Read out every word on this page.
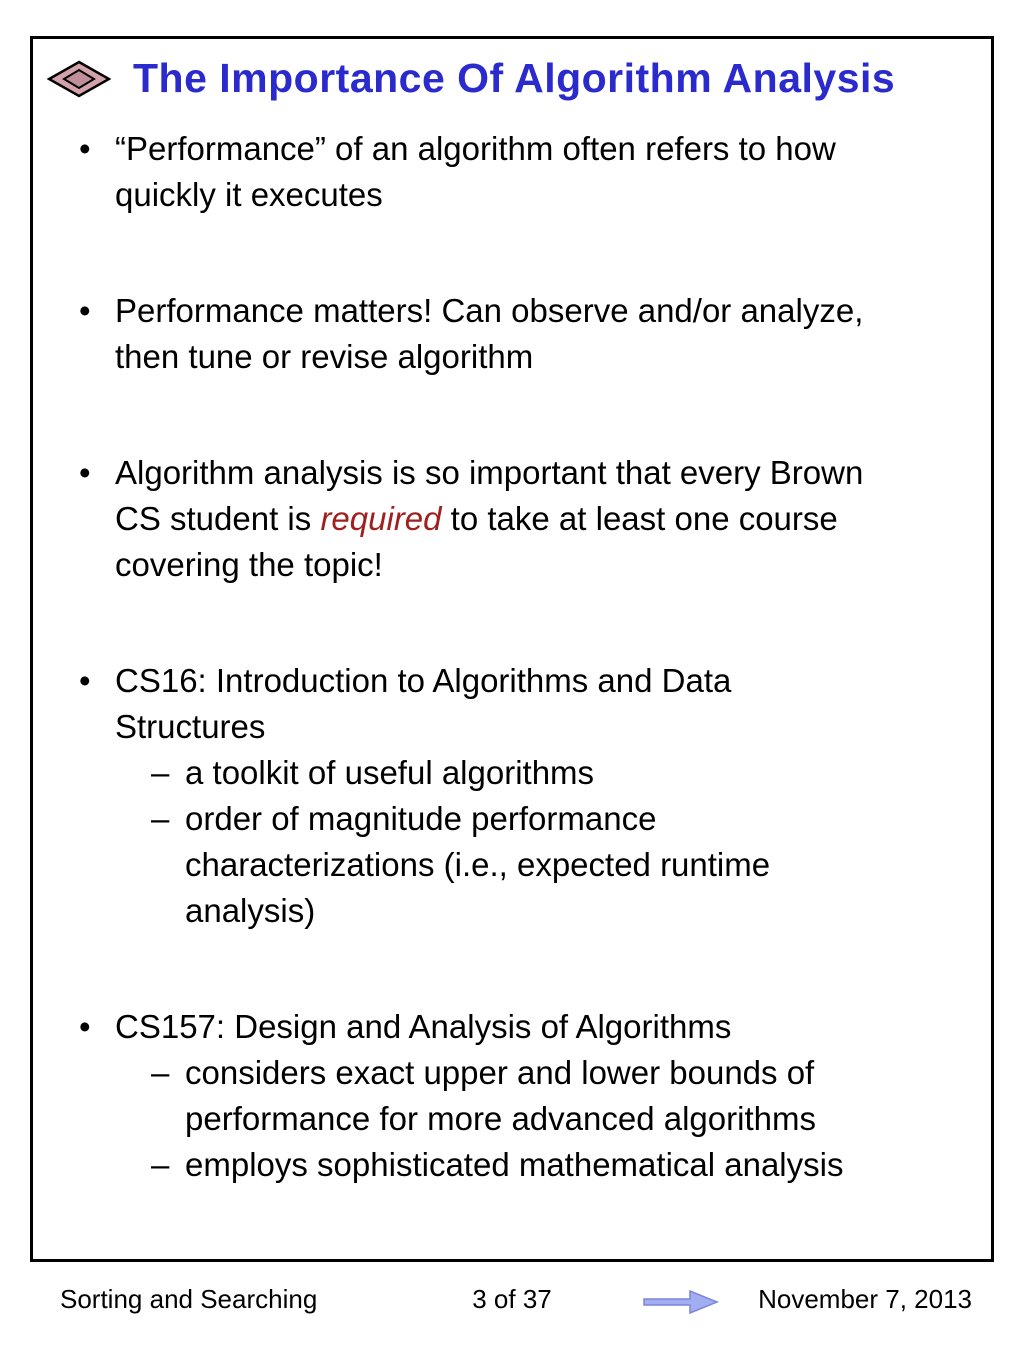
The Importance Of Algorithm Analysis
• “Performance” of an algorithm often refers to how quickly it executes
• Performance matters! Can observe and/or analyze, then tune or revise algorithm
• Algorithm analysis is so important that every Brown CS student is required to take at least one course covering the topic!
• CS16: Introduction to Algorithms and Data Structures
– a toolkit of useful algorithms
– order of magnitude performance characterizations (i.e., expected runtime analysis)
• CS157: Design and Analysis of Algorithms
– considers exact upper and lower bounds of performance for more advanced algorithms
– employs sophisticated mathematical analysis
Sorting and Searching	3 of 37	November 7, 2013
